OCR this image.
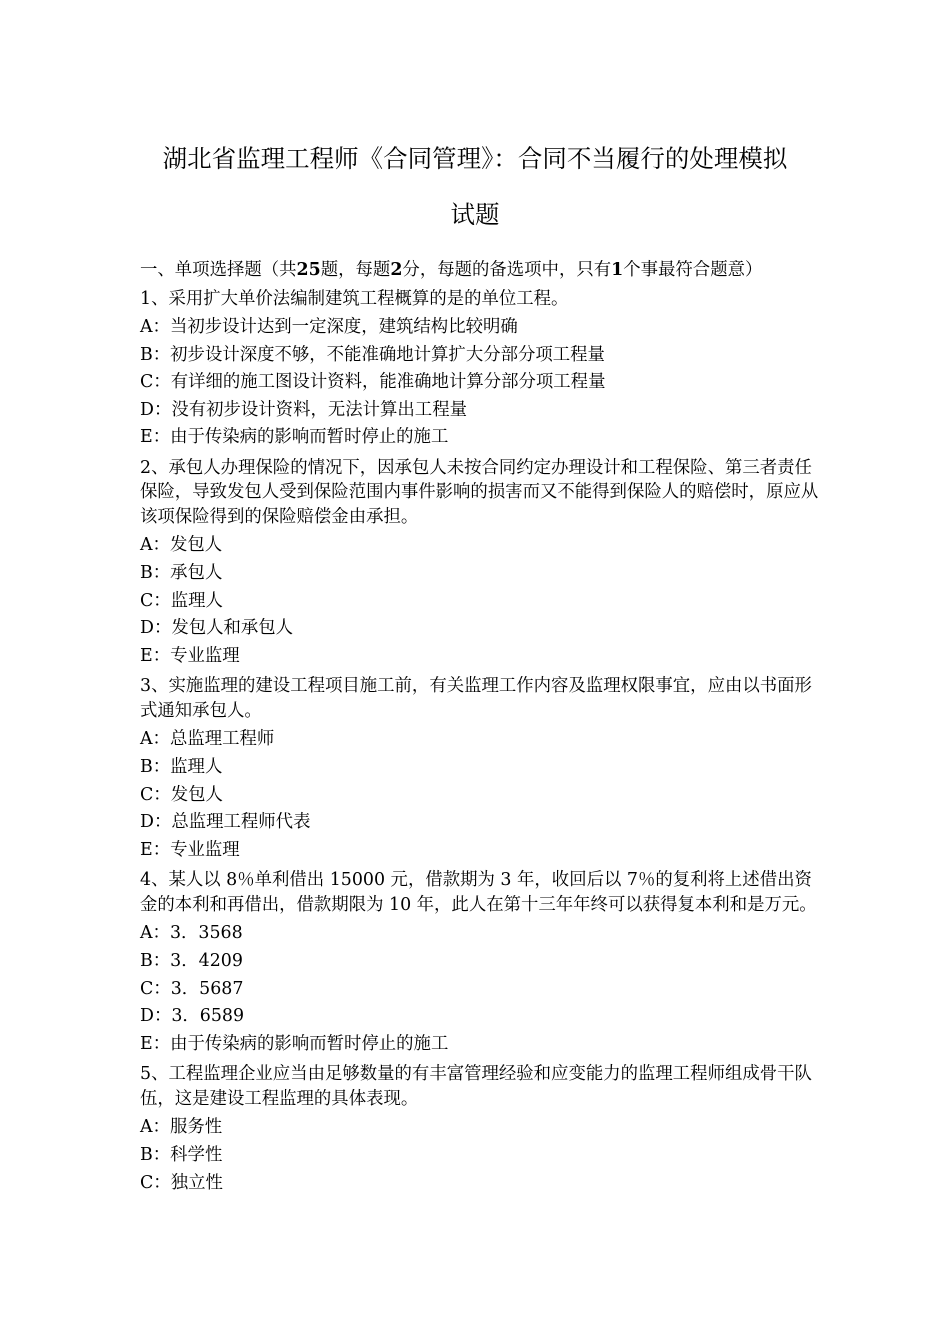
湖北省监理工程师《合同管理》：合同不当履行的处理模拟
试题
一、单项选择题（共25题，每题2分，每题的备选项中，只有1个事最符合题意）
1、采用扩大单价法编制建筑工程概算的是的单位工程。
A：当初步设计达到一定深度，建筑结构比较明确
B：初步设计深度不够，不能准确地计算扩大分部分项工程量
C：有详细的施工图设计资料，能准确地计算分部分项工程量
D：没有初步设计资料，无法计算出工程量
E：由于传染病的影响而暂时停止的施工
2、承包人办理保险的情况下，因承包人未按合同约定办理设计和工程保险、第三者责任保险，导致发包人受到保险范围内事件影响的损害而又不能得到保险人的赔偿时，原应从该项保险得到的保险赔偿金由承担。
A：发包人
B：承包人
C：监理人
D：发包人和承包人
E：专业监理
3、实施监理的建设工程项目施工前，有关监理工作内容及监理权限事宜，应由以书面形式通知承包人。
A：总监理工程师
B：监理人
C：发包人
D：总监理工程师代表
E：专业监理
4、某人以 8％单利借出 15000 元，借款期为 3 年，收回后以 7％的复利将上述借出资金的本利和再借出，借款期限为 10 年，此人在第十三年年终可以获得复本利和是万元。
A：3．3568
B：3．4209
C：3．5687
D：3．6589
E：由于传染病的影响而暂时停止的施工
5、工程监理企业应当由足够数量的有丰富管理经验和应变能力的监理工程师组成骨干队伍，这是建设工程监理的具体表现。
A：服务性
B：科学性
C：独立性
